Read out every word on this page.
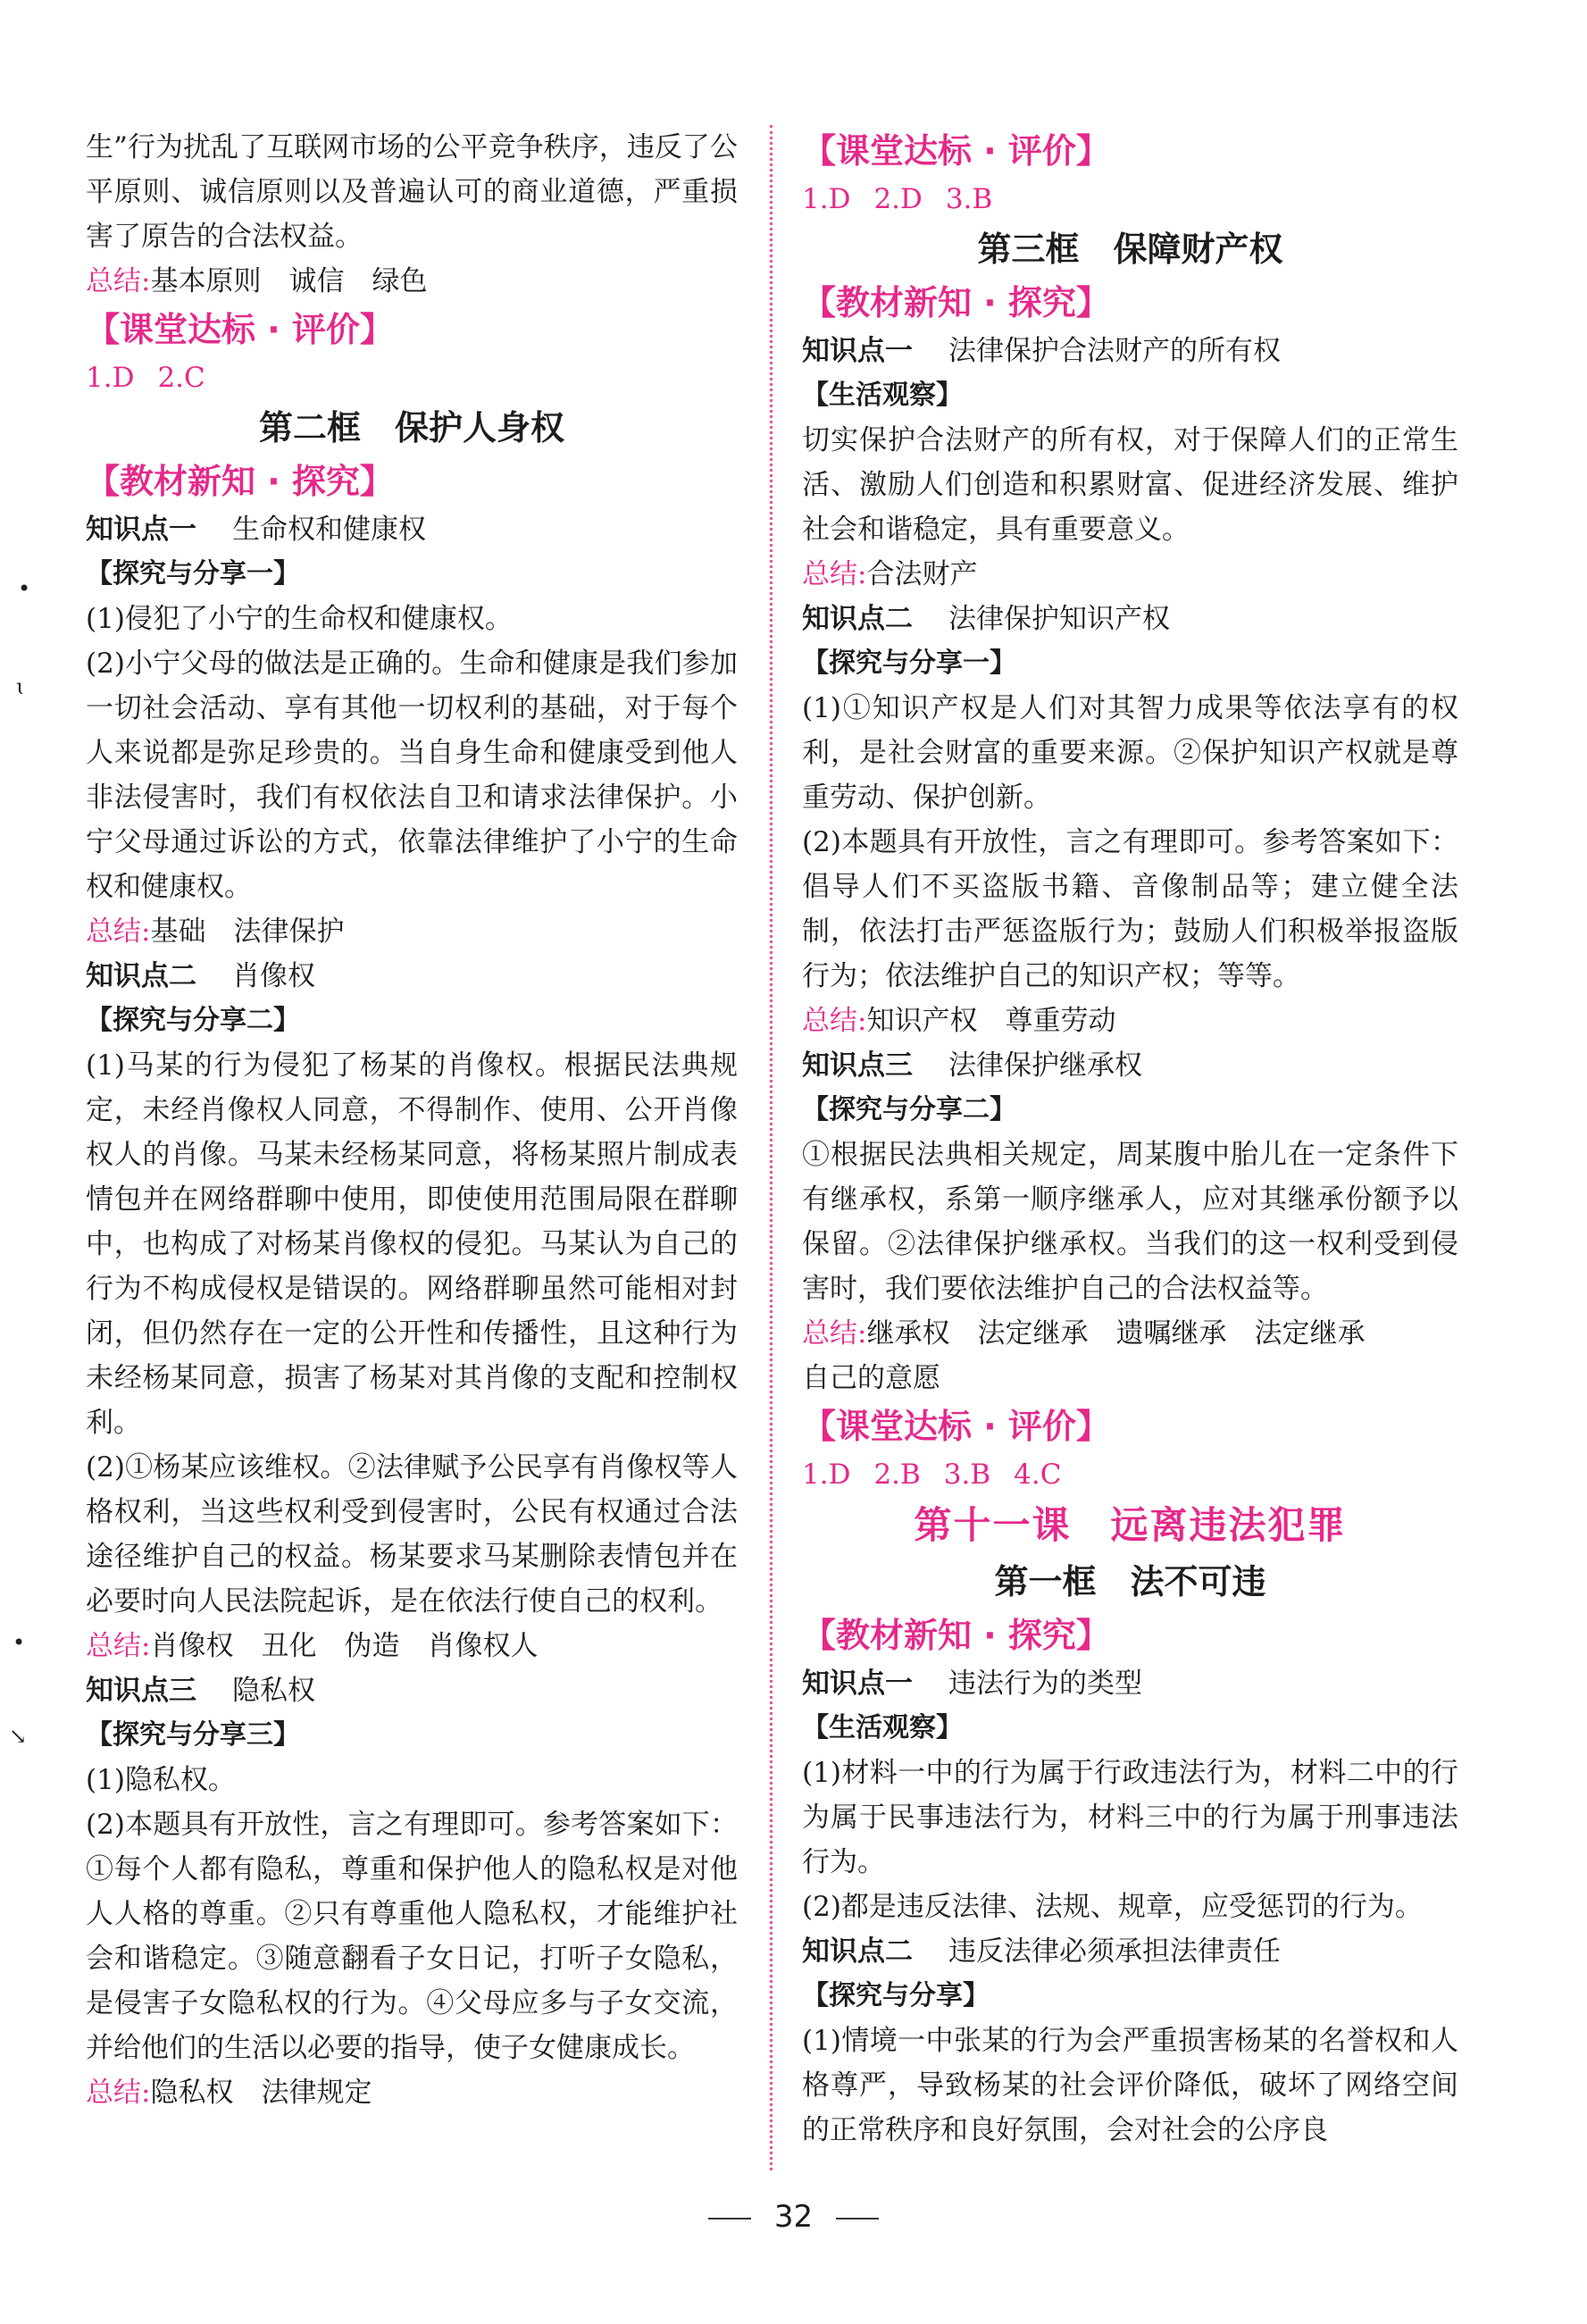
生”行为扰乱了互联网市场的公平竞争秩序，违反了公平原则、诚信原则以及普遍认可的商业道德，严重损害了原告的合法权益。

总结:基本原则　诚信　绿色

【课堂达标 · 评价】

1.D 2.C

第二框　保护人身权

【教材新知 · 探究】

知识点一 生命权和健康权

【探究与分享一】

(1)侵犯了小宁的生命权和健康权。

(2)小宁父母的做法是正确的。生命和健康是我们参加一切社会活动、享有其他一切权利的基础，对于每个人来说都是弥足珍贵的。当自身生命和健康受到他人非法侵害时，我们有权依法自卫和请求法律保护。小宁父母通过诉讼的方式，依靠法律维护了小宁的生命权和健康权。

总结:基础　法律保护

知识点二 肖像权

【探究与分享二】

(1)马某的行为侵犯了杨某的肖像权。根据民法典规定，未经肖像权人同意，不得制作、使用、公开肖像权人的肖像。马某未经杨某同意，将杨某照片制成表情包并在网络群聊中使用，即使使用范围局限在群聊中，也构成了对杨某肖像权的侵犯。马某认为自己的行为不构成侵权是错误的。网络群聊虽然可能相对封闭，但仍然存在一定的公开性和传播性，且这种行为未经杨某同意，损害了杨某对其肖像的支配和控制权利。

(2)①杨某应该维权。②法律赋予公民享有肖像权等人格权利，当这些权利受到侵害时，公民有权通过合法途径维护自己的权益。杨某要求马某删除表情包并在必要时向人民法院起诉，是在依法行使自己的权利。

总结:肖像权　丑化　伪造　肖像权人

知识点三 隐私权

【探究与分享三】

(1)隐私权。

(2)本题具有开放性，言之有理即可。参考答案如下：①每个人都有隐私，尊重和保护他人的隐私权是对他人人格的尊重。②只有尊重他人隐私权，才能维护社会和谐稳定。③随意翻看子女日记，打听子女隐私，是侵害子女隐私权的行为。④父母应多与子女交流，并给他们的生活以必要的指导，使子女健康成长。

总结:隐私权　法律规定

【课堂达标 · 评价】

1.D 2.D 3.B

第三框　保障财产权

【教材新知 · 探究】

知识点一 法律保护合法财产的所有权

【生活观察】

切实保护合法财产的所有权，对于保障人们的正常生活、激励人们创造和积累财富、促进经济发展、维护社会和谐稳定，具有重要意义。

总结:合法财产

知识点二 法律保护知识产权

【探究与分享一】

(1)①知识产权是人们对其智力成果等依法享有的权利，是社会财富的重要来源。②保护知识产权就是尊重劳动、保护创新。

(2)本题具有开放性，言之有理即可。参考答案如下：倡导人们不买盗版书籍、音像制品等；建立健全法制，依法打击严惩盗版行为；鼓励人们积极举报盗版行为；依法维护自己的知识产权；等等。

总结:知识产权　尊重劳动

知识点三 法律保护继承权

【探究与分享二】

①根据民法典相关规定，周某腹中胎儿在一定条件下有继承权，系第一顺序继承人，应对其继承份额予以保留。②法律保护继承权。当我们的这一权利受到侵害时，我们要依法维护自己的合法权益等。

总结:继承权　法定继承　遗嘱继承　法定继承

自己的意愿

【课堂达标 · 评价】

1.D 2.B 3.B 4.C

第十一课　远离违法犯罪

第一框　法不可违

【教材新知 · 探究】

知识点一 违法行为的类型

【生活观察】

(1)材料一中的行为属于行政违法行为，材料二中的行为属于民事违法行为，材料三中的行为属于刑事违法行为。

(2)都是违反法律、法规、规章，应受惩罚的行为。

知识点二 违反法律必须承担法律责任

【探究与分享】

(1)情境一中张某的行为会严重损害杨某的名誉权和人格尊严，导致杨某的社会评价降低，破坏了网络空间的正常秩序和良好氛围，会对社会的公序良

•
ɩ
•
↘
32
